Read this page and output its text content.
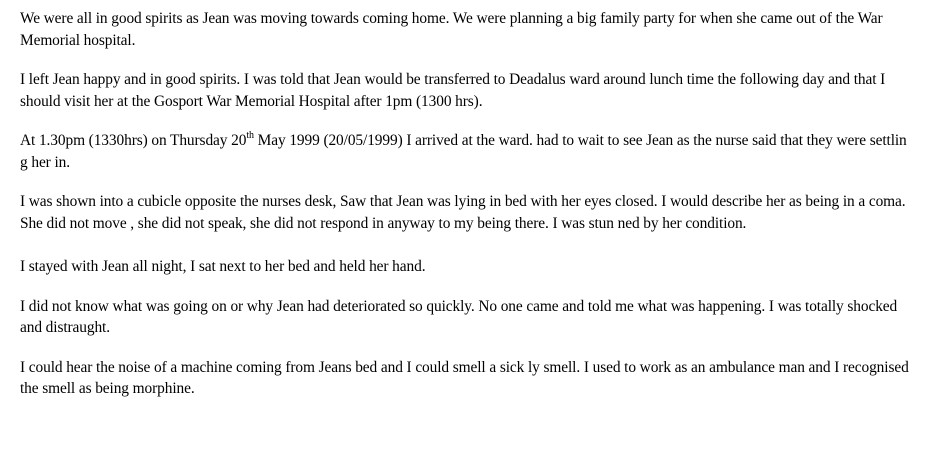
We were all in good spirits as Jean was moving towards coming home. We were planning a big family party for when she came out of the War Memorial hospital.

I left Jean happy and in good spirits. I was told that Jean would be transferred to Deadalus ward around lunch time the following day and that I should visit her at the Gosport War Memorial Hospital after 1pm (1300 hrs).

At 1.30pm (1330hrs) on Thursday 20th May 1999 (20/05/1999) I arrived at the ward. had to wait to see Jean as the nurse said that they were settlin g her in.

I was shown into a cubicle opposite the nurses desk, Saw that Jean was lying in bed with her eyes closed. I would describe her as being in a coma. She did not move , she did not speak, she did not respond in anyway to my being there. I was stun ned by her condition.

I stayed with Jean all night, I sat next to her bed and held her hand.

I did not know what was going on or why Jean had deteriorated so quickly. No one came and told me what was happening. I was totally shocked and distraught.

I could hear the noise of a machine coming from Jeans bed and I could smell a sick ly smell. I used to work as an ambulance man and I recognised the smell as being morphine.
